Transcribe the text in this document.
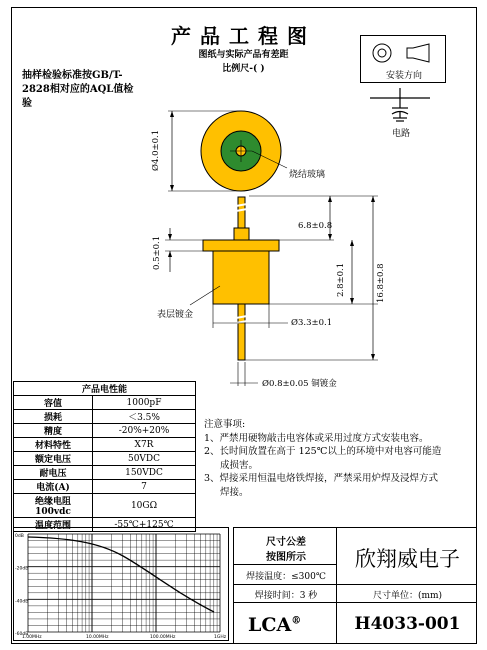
产品工程图
图纸与实际产品有差距
比例尺-( )
抽样检验标准按GB/T-2828相对应的AQL值检验
安装方向
电路
Ø4.0±0.1
烧结玻璃
6.8±0.8
0.5±0.1
2.8±0.1	16.8±0.8
表层镀金
Ø3.3±0.1
Ø0.8±0.05 铜镀金
产品电性能	
容值	1000pF
损耗	＜3.5%
精度	-20%+20%
材料特性	X7R
额定电压	50VDC
耐电压	150VDC
电流(A)	7
绝缘电阻 100vdc	10GΩ
温度范围	-55℃+125℃

注意事项:

1、严禁用硬物敲击电容体或采用过度方式安装电容。

2、长时间放置在高于 125℃以上的环境中对电容可能造

成损害。

3、焊接采用恒温电烙铁焊接，严禁采用炉焊及浸焊方式

焊接。

0dB
-20dB
-40dB
-60dB
1.00MHz	10.00MHz	100.00MHz	1GHz
尺寸公差
按图所示	欣翔威电子
焊接温度：≤300℃
焊接时间：3 秒	尺寸单位：(mm)
LCA®	H4033-001
